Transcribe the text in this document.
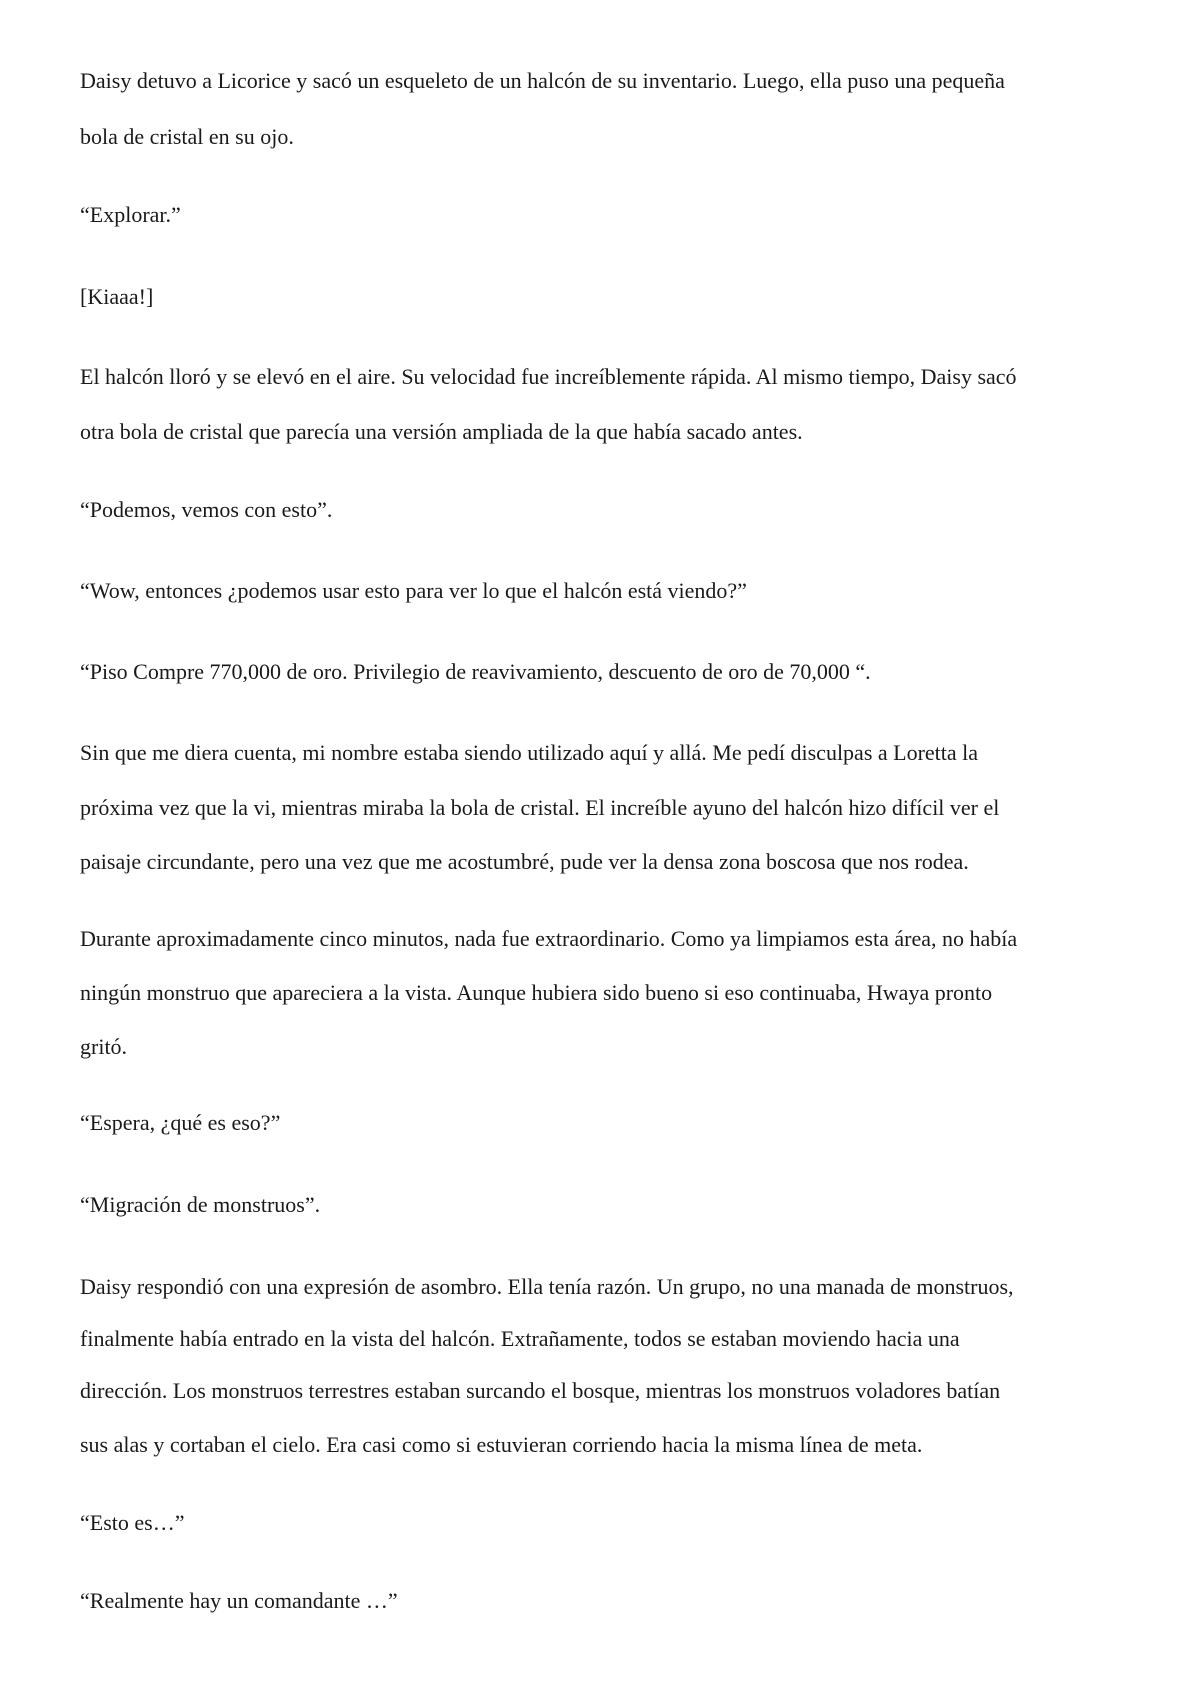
Daisy detuvo a Licorice y sacó un esqueleto de un halcón de su inventario. Luego, ella puso una pequeña
bola de cristal en su ojo.
“Explorar.”
[Kiaaa!]
El halcón lloró y se elevó en el aire. Su velocidad fue increíblemente rápida. Al mismo tiempo, Daisy sacó
otra bola de cristal que parecía una versión ampliada de la que había sacado antes.
“Podemos, vemos con esto”.
“Wow, entonces ¿podemos usar esto para ver lo que el halcón está viendo?”
“Piso Compre 770,000 de oro. Privilegio de reavivamiento, descuento de oro de 70,000 “.
Sin que me diera cuenta, mi nombre estaba siendo utilizado aquí y allá. Me pedí disculpas a Loretta la
próxima vez que la vi, mientras miraba la bola de cristal. El increíble ayuno del halcón hizo difícil ver el
paisaje circundante, pero una vez que me acostumbré, pude ver la densa zona boscosa que nos rodea.
Durante aproximadamente cinco minutos, nada fue extraordinario. Como ya limpiamos esta área, no había
ningún monstruo que apareciera a la vista. Aunque hubiera sido bueno si eso continuaba, Hwaya pronto
gritó.
“Espera, ¿qué es eso?”
“Migración de monstruos”.
Daisy respondió con una expresión de asombro. Ella tenía razón. Un grupo, no una manada de monstruos,
finalmente había entrado en la vista del halcón. Extrañamente, todos se estaban moviendo hacia una
dirección. Los monstruos terrestres estaban surcando el bosque, mientras los monstruos voladores batían
sus alas y cortaban el cielo. Era casi como si estuvieran corriendo hacia la misma línea de meta.
“Esto es…”
“Realmente hay un comandante …”
